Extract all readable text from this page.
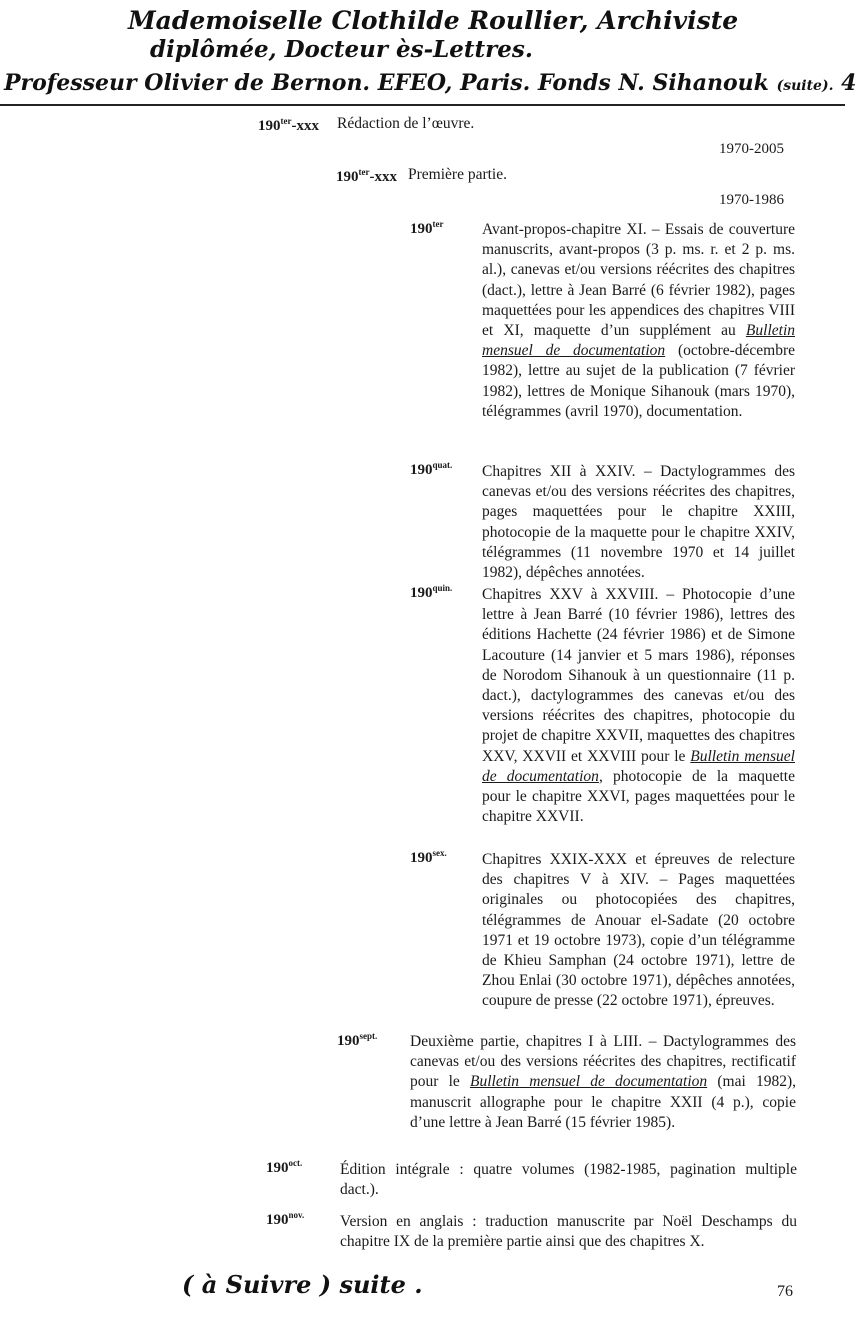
Mademoiselle Clothilde Roullier, Archiviste
diplômée, Docteur ès-Lettres.
Professeur Olivier de Bernon. EFEO, Paris. Fonds N. Sihanouk (suite). 4
$190^{ter}$-xxx Rédaction de l’œuvre.
1970-2005
$190^{ter}$-xxx Première partie.
1970-1986
$190^{ter}$ Avant-propos-chapitre XI. – Essais de couverture manuscrits, avant-propos (3 p. ms. r. et 2 p. ms. al.), canevas et/ou versions réécrites des chapitres (dact.), lettre à Jean Barré (6 février 1982), pages maquettées pour les appendices des chapitres VIII et XI, maquette d’un supplément au Bulletin mensuel de documentation (octobre-décembre 1982), lettre au sujet de la publication (7 février 1982), lettres de Monique Sihanouk (mars 1970), télégrammes (avril 1970), documentation.
$190^{quat.}$ Chapitres XII à XXIV. – Dactylogrammes des canevas et/ou des versions réécrites des chapitres, pages maquettées pour le chapitre XXIII, photocopie de la maquette pour le chapitre XXIV, télégrammes (11 novembre 1970 et 14 juillet 1982), dépêches annotées.
$190^{quin.}$ Chapitres XXV à XXVIII. – Photocopie d’une lettre à Jean Barré (10 février 1986), lettres des éditions Hachette (24 février 1986) et de Simone Lacouture (14 janvier et 5 mars 1986), réponses de Norodom Sihanouk à un questionnaire (11 p. dact.), dactylogrammes des canevas et/ou des versions réécrites des chapitres, photocopie du projet de chapitre XXVII, maquettes des chapitres XXV, XXVII et XXVIII pour le Bulletin mensuel de documentation, photocopie de la maquette pour le chapitre XXVI, pages maquettées pour le chapitre XXVII.
$190^{sex.}$ Chapitres XXIX-XXX et épreuves de relecture des chapitres V à XIV. – Pages maquettées originales ou photocopiées des chapitres, télégrammes de Anouar el-Sadate (20 octobre 1971 et 19 octobre 1973), copie d’un télégramme de Khieu Samphan (24 octobre 1971), lettre de Zhou Enlai (30 octobre 1971), dépêches annotées, coupure de presse (22 octobre 1971), épreuves.
$190^{sept.}$ Deuxième partie, chapitres I à LIII. – Dactylogrammes des canevas et/ou des versions réécrites des chapitres, rectificatif pour le Bulletin mensuel de documentation (mai 1982), manuscrit allographe pour le chapitre XXII (4 p.), copie d’une lettre à Jean Barré (15 février 1985).
$190^{oct.}$ Édition intégrale : quatre volumes (1982-1985, pagination multiple dact.).
$190^{nov.}$ Version en anglais : traduction manuscrite par Noël Deschamps du chapitre IX de la première partie ainsi que des chapitres X.
( à Suivre ) suite .	76
